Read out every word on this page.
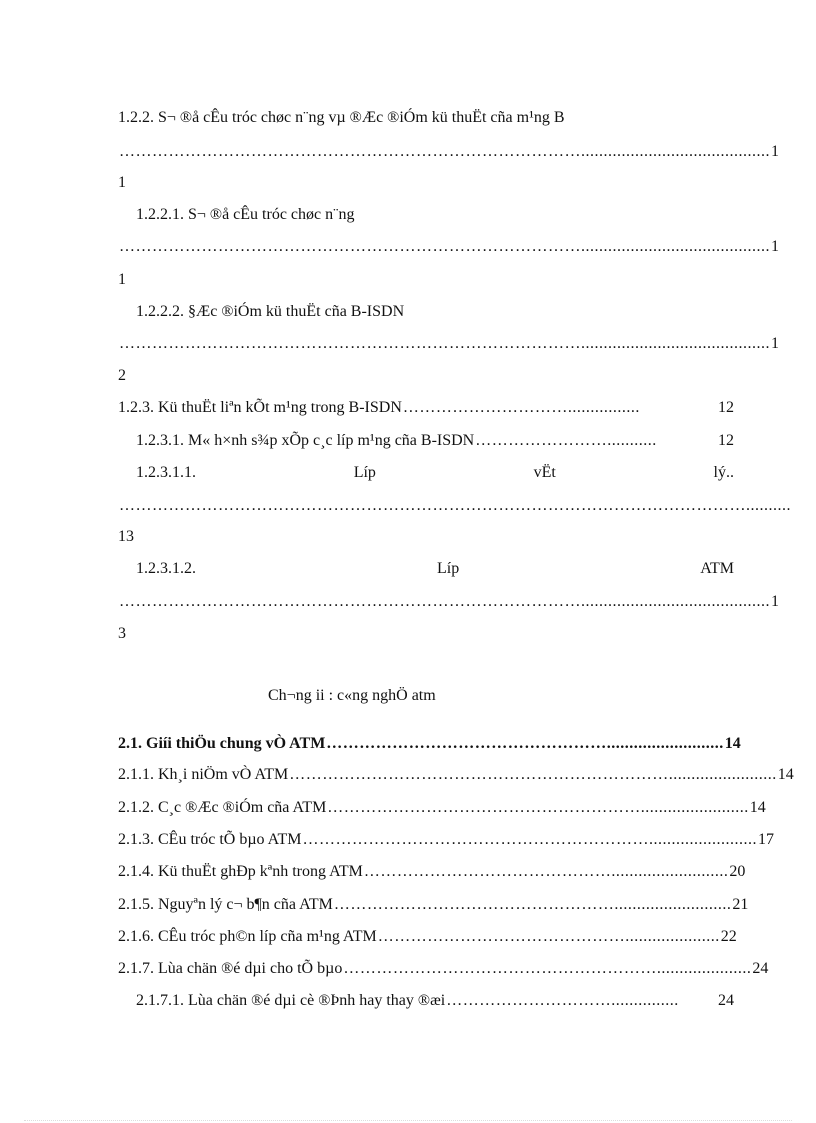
1.2.2. S¬ ®å cÊu tróc chøc n¨ng vµ ®Æc ®iÓm kü thuËt cña m¹ng B
………………………………………………………………………….......................................... 1
1
1.2.2.1. S¬ ®å cÊu tróc chøc n¨ng
………………………………………………………………………….......................................... 1
1
1.2.2.2. §Æc ®iÓm kü thuËt cña B-ISDN
………………………………………………………………………….......................................... 1
2
1.2.3. Kü thuËt liªn kÕt m¹ng trong B-ISDN …………………………................	12
1.2.3.1. M« h×nh s¾p xÕp c¸c líp m¹ng cña B-ISDN ……………………...........	12
1.2.3.1.1.	Líp	vËt	lý..
……………………………………………………………………………………………………..........
13
1.2.3.1.2.	Líp	ATM
………………………………………………………………………….......................................... 1
3
Ch¬ng ii : c«ng nghÖ atm
2.1. Giíi thiÖu chung vÒ ATM …………………………………………….......................... 14
2.1.1. Kh¸i niÖm vÒ ATM ……………………………………………………………........................ 14
2.1.2. C¸c ®Æc ®iÓm cña ATM …………………………………………………........................ 14
2.1.3. CÊu tróc tÕ bµo ATM ………………………………………………………........................ 17
2.1.4. Kü thuËt ghÐp kªnh trong ATM ……………………………………….......................... 20
2.1.5. Nguyªn lý c¬ b¶n cña ATM …………………………………………….......................... 21
2.1.6. CÊu tróc ph©n líp cña m¹ng ATM ………………………………………..................... 22
2.1.7. Lùa chän ®é dµi cho tÕ bµo …………………………………………………..................... 24
2.1.7.1. Lùa chän ®é dµi cè ®Þnh hay thay ®æi …………………………...............	24
